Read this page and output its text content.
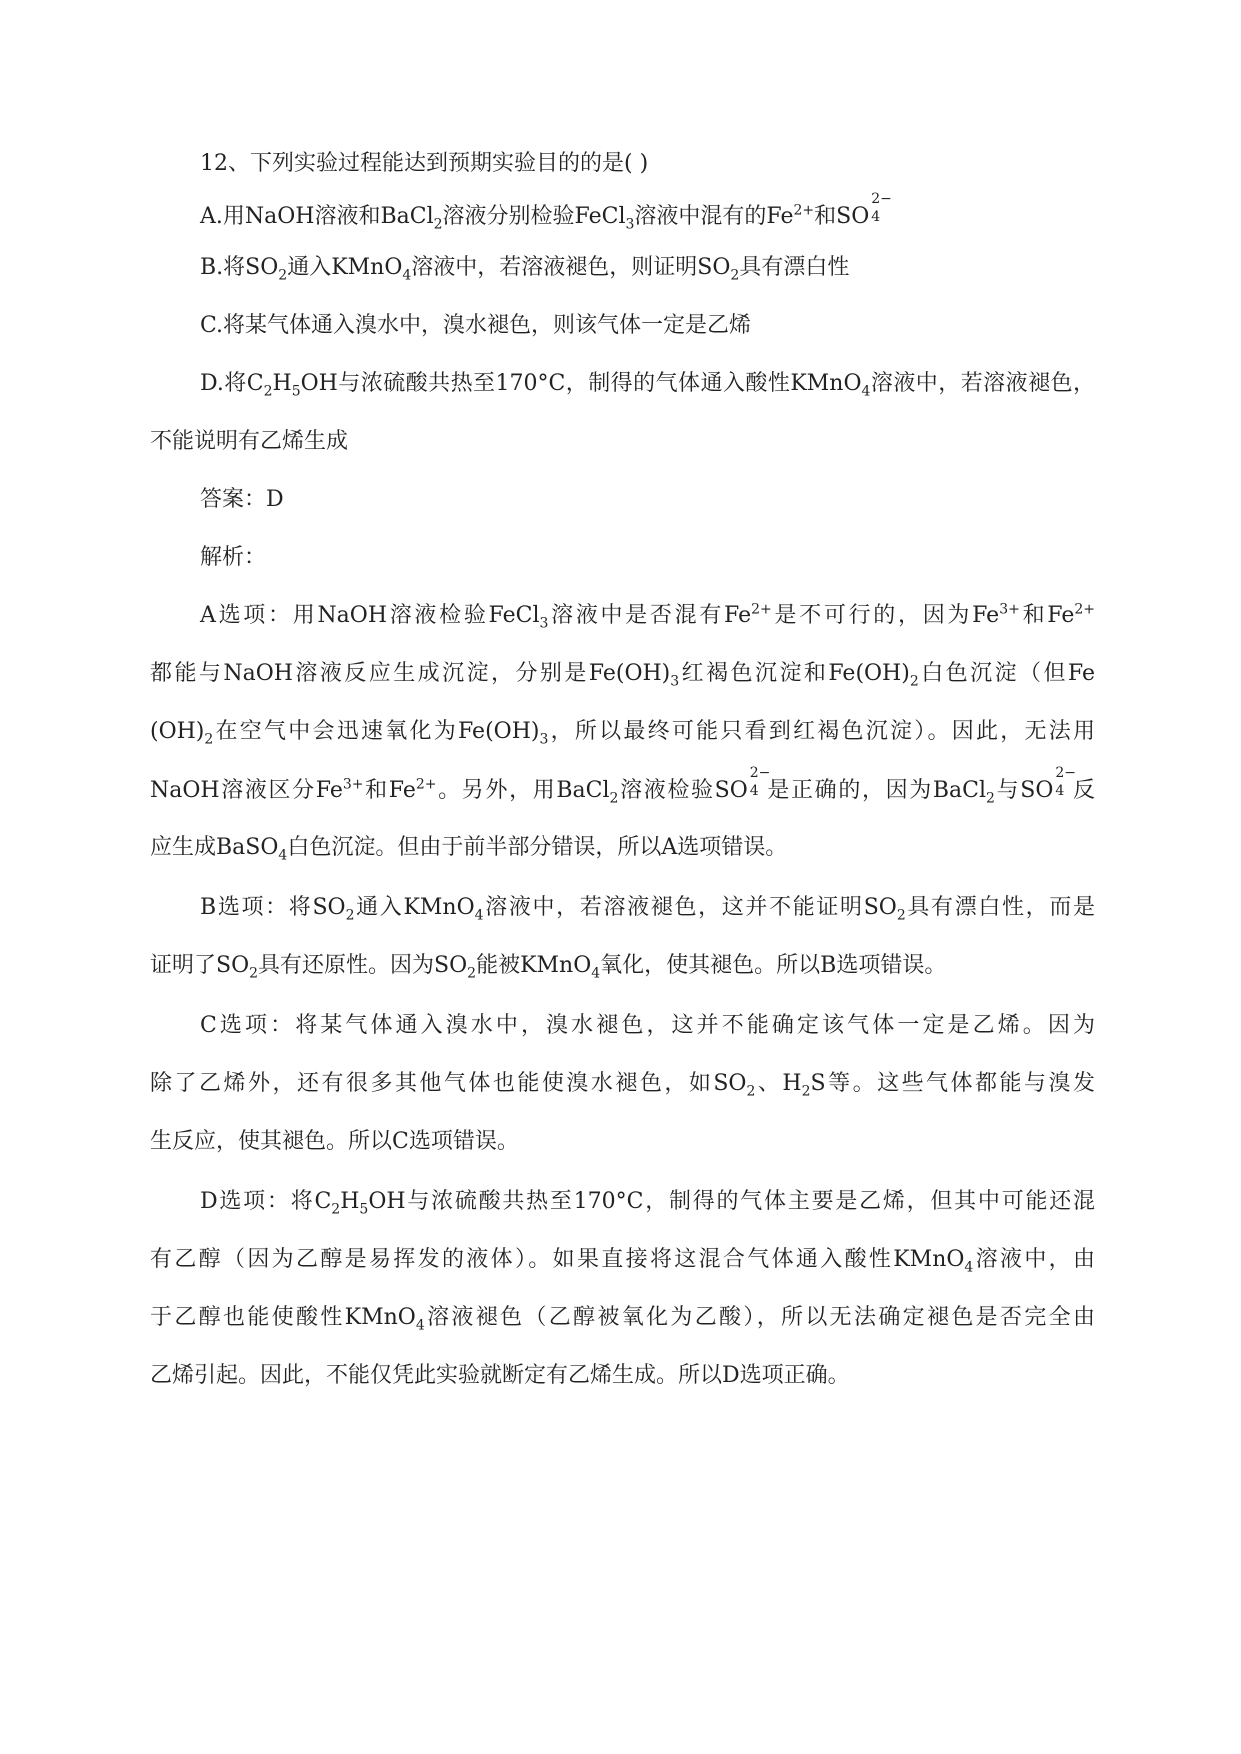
12、下列实验过程能达到预期实验目的的是( )
A.用NaOH溶液和BaCl$_2$溶液分别检验FeCl$_3$溶液中混有的$Fe^{2+}$和SO
2−
4
B.将$SO_2$通入KMnO$_4$溶液中，若溶液褪色，则证明$SO_2$具有漂白性
C.将某气体通入溴水中，溴水褪色，则该气体一定是乙烯
D.将$C_2H_5OH$与浓硫酸共热至170°C，制得的气体通入酸性KMnO$_4$溶液中，若溶液褪色，
不能说明有乙烯生成
答案：D
解析：
A选项：用NaOH溶液检验FeCl$_3$溶液中是否混有$Fe^{2+}$是不可行的，因为$Fe^{3+}$和$Fe^{2+}$
都能与NaOH溶液反应生成沉淀，分别是$Fe(OH)_3$红褐色沉淀和$Fe(OH)_2$白色沉淀（但Fe
$(OH)_2$在空气中会迅速氧化为$Fe(OH)_3$，所以最终可能只看到红褐色沉淀）。因此，无法用
NaOH溶液区分$Fe^{3+}$和$Fe^{2+}$。另外，用BaCl$_2$溶液检验SO
2−
4 是正确的，因为BaCl$_2$与SO
2−
4 反
应生成BaSO$_4$白色沉淀。但由于前半部分错误，所以A选项错误。
B选项：将$SO_2$通入KMnO$_4$溶液中，若溶液褪色，这并不能证明$SO_2$具有漂白性，而是
证明了$SO_2$具有还原性。因为$SO_2$能被KMnO$_4$氧化，使其褪色。所以B选项错误。
C选项：将某气体通入溴水中，溴水褪色，这并不能确定该气体一定是乙烯。因为
除了乙烯外，还有很多其他气体也能使溴水褪色，如$SO_2$、$H_2S$等。这些气体都能与溴发
生反应，使其褪色。所以C选项错误。
D选项：将$C_2H_5OH$与浓硫酸共热至170°C，制得的气体主要是乙烯，但其中可能还混
有乙醇（因为乙醇是易挥发的液体）。如果直接将这混合气体通入酸性KMnO$_4$溶液中，由
于乙醇也能使酸性KMnO$_4$溶液褪色（乙醇被氧化为乙酸），所以无法确定褪色是否完全由
乙烯引起。因此，不能仅凭此实验就断定有乙烯生成。所以D选项正确。
